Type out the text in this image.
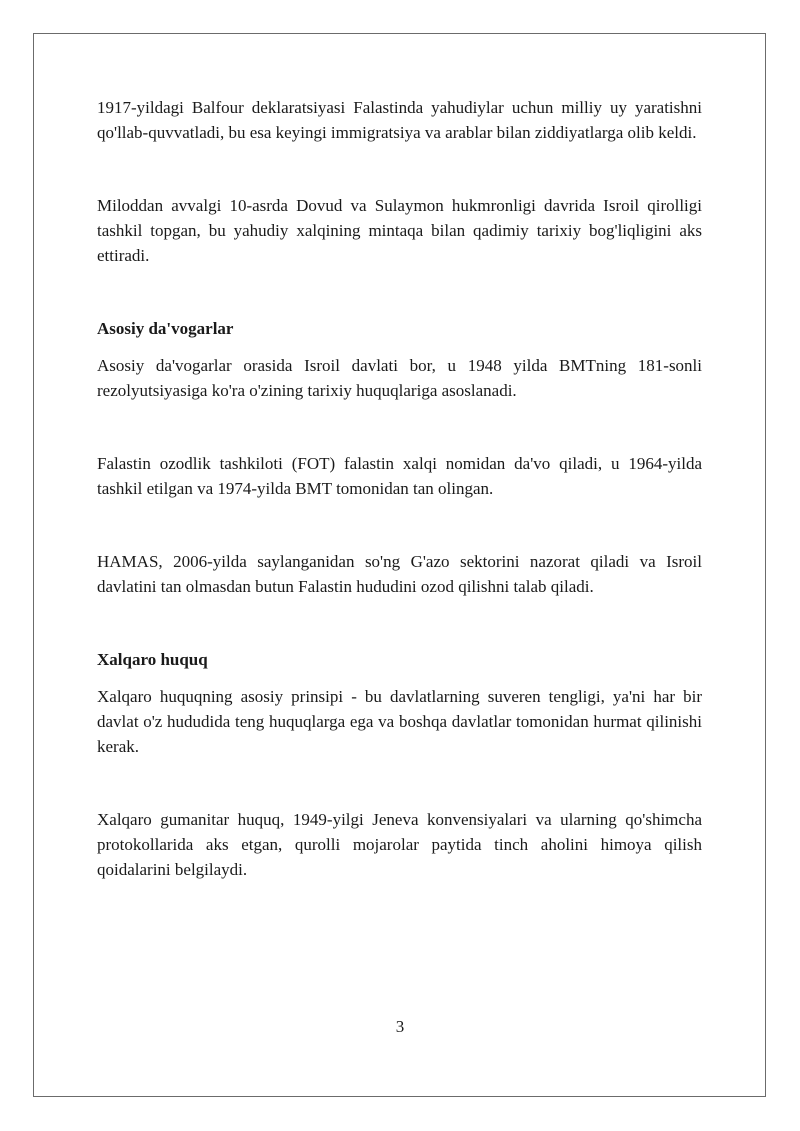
1917-yildagi Balfour deklaratsiyasi Falastinda yahudiylar uchun milliy uy yaratishni qo'llab-quvvatladi, bu esa keyingi immigratsiya va arablar bilan ziddiyatlarga olib keldi.

Miloddan avvalgi 10-asrda Dovud va Sulaymon hukmronligi davrida Isroil qirolligi tashkil topgan, bu yahudiy xalqining mintaqa bilan qadimiy tarixiy bog'liqligini aks ettiradi.

Asosiy da'vogarlar

Asosiy da'vogarlar orasida Isroil davlati bor, u 1948 yilda BMTning 181-sonli rezolyutsiyasiga ko'ra o'zining tarixiy huquqlariga asoslanadi.

Falastin ozodlik tashkiloti (FOT) falastin xalqi nomidan da'vo qiladi, u 1964-yilda tashkil etilgan va 1974-yilda BMT tomonidan tan olingan.

HAMAS, 2006-yilda saylanganidan so'ng G'azo sektorini nazorat qiladi va Isroil davlatini tan olmasdan butun Falastin hududini ozod qilishni talab qiladi.

Xalqaro huquq

Xalqaro huquqning asosiy prinsipi - bu davlatlarning suveren tengligi, ya'ni har bir davlat o'z hududida teng huquqlarga ega va boshqa davlatlar tomonidan hurmat qilinishi kerak.

Xalqaro gumanitar huquq, 1949-yilgi Jeneva konvensiyalari va ularning qo'shimcha protokollarida aks etgan, qurolli mojarolar paytida tinch aholini himoya qilish qoidalarini belgilaydi.

3
